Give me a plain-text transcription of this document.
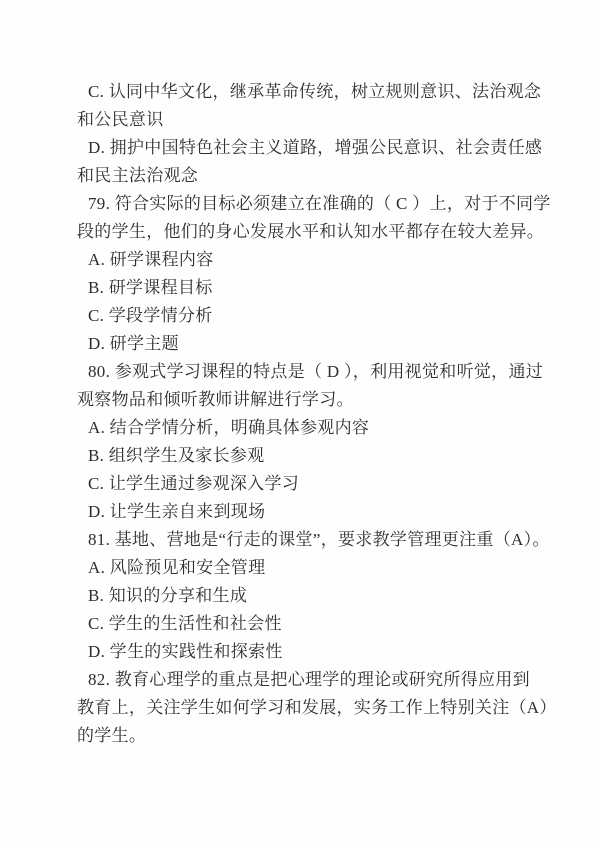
C. 认同中华文化，继承革命传统，树立规则意识、法治观念
和公民意识
D. 拥护中国特色社会主义道路，增强公民意识、社会责任感
和民主法治观念
79. 符合实际的目标必须建立在准确的（ C ）上，对于不同学
段的学生，他们的身心发展水平和认知水平都存在较大差异。
A. 研学课程内容
B. 研学课程目标
C. 学段学情分析
D. 研学主题
80. 参观式学习课程的特点是（ D ），利用视觉和听觉，通过
观察物品和倾听教师讲解进行学习。
A. 结合学情分析，明确具体参观内容
B. 组织学生及家长参观
C. 让学生通过参观深入学习
D. 让学生亲自来到现场
81. 基地、营地是“行走的课堂”，要求教学管理更注重（A）。
A. 风险预见和安全管理
B. 知识的分享和生成
C. 学生的生活性和社会性
D. 学生的实践性和探索性
82. 教育心理学的重点是把心理学的理论或研究所得应用到
教育上，关注学生如何学习和发展，实务工作上特别关注（A）
的学生。
